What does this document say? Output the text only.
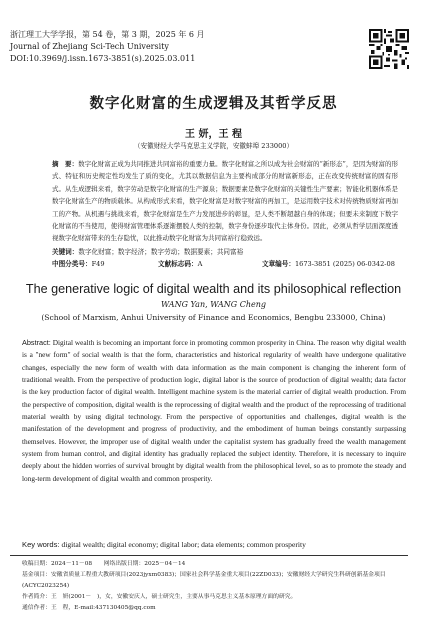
浙江理工大学学报，第 54 卷，第 3 期，2025 年 6 月
Journal of Zhejiang Sci-Tech University
DOI:10.3969/j.issn.1673-3851(s).2025.03.011
数字化财富的生成逻辑及其哲学反思
王 妍，王 程
（安徽财经大学马克思主义学院，安徽蚌埠 233000）
摘　要：数字化财富正成为共同推进共同富裕的重要力量。数字化财富之所以成为社会财富的“新形态”，是因为财富的形式、特征和历史规定性均发生了质的变化，尤其以数据信息为主要构成部分的财富新形态，正在改变传统财富的固有形式。从生成逻辑来看，数字劳动是数字化财富的生产源泉；数据要素是数字化财富的关键性生产要素；智能化机器体系是数字化财富生产的物质载体。从构成形式来看，数字化财富是对数字财富的再加工，是运用数字技术对传统物质财富再加工的产物。从机遇与挑战来看，数字化财富是生产力发展进步的彰显，是人类不断超越自身的体现；但要未来制度下数字化财富的不当使用，使得财富管理体系逐渐摆脱人类的控制，数字身份逐步取代主体身份。因此，必须从哲学层面深度透视数字化财富带来的生存隐忧，以此推动数字化财富为共同富裕行稳致远。
关键词：数字化财富；数字经济；数字劳动；数据要素；共同富裕
中图分类号：F49	文献标志码：A	文章编号：1673-3851 (2025) 06-0342-08
The generative logic of digital wealth and its philosophical reflection
WANG Yan, WANG Cheng
(School of Marxism, Anhui University of Finance and Economics, Bengbu 233000, China)
Abstract: Digital wealth is becoming an important force in promoting common prosperity in China. The reason why digital wealth is a "new form" of social wealth is that the form, characteristics and historical regularity of wealth have undergone qualitative changes, especially the new form of wealth with data information as the main component is changing the inherent form of traditional wealth. From the perspective of production logic, digital labor is the source of production of digital wealth; data factor is the key production factor of digital wealth. Intelligent machine system is the material carrier of digital wealth production. From the perspective of composition, digital wealth is the reprocessing of digital wealth and the product of the reprocessing of traditional material wealth by using digital technology. From the perspective of opportunities and challenges, digital wealth is the manifestation of the development and progress of productivity, and the embodiment of human beings constantly surpassing themselves. However, the improper use of digital wealth under the capitalist system has gradually freed the wealth management system from human control, and digital identity has gradually replaced the subject identity. Therefore, it is necessary to inquire deeply about the hidden worries of survival brought by digital wealth from the philosophical level, so as to promote the steady and long-term development of digital wealth and common prosperity.
Key words: digital wealth; digital economy; digital labor; data elements; common prosperity
收稿日期：2024－11－08　　网络出版日期：2025－04－14
基金项目：安徽省质量工程重大教研项目(2023jyxm0383)；国家社会科学基金重大项目(22ZD033)；安徽财经大学研究生科研创新基金项目(ACYC2023254)
作者简介：王　妍(2001－　)，女，安徽安庆人，硕士研究生，主要从事马克思主义基本原理方面的研究。
通信作者：王　程，E-mail:437130405@qq.com
